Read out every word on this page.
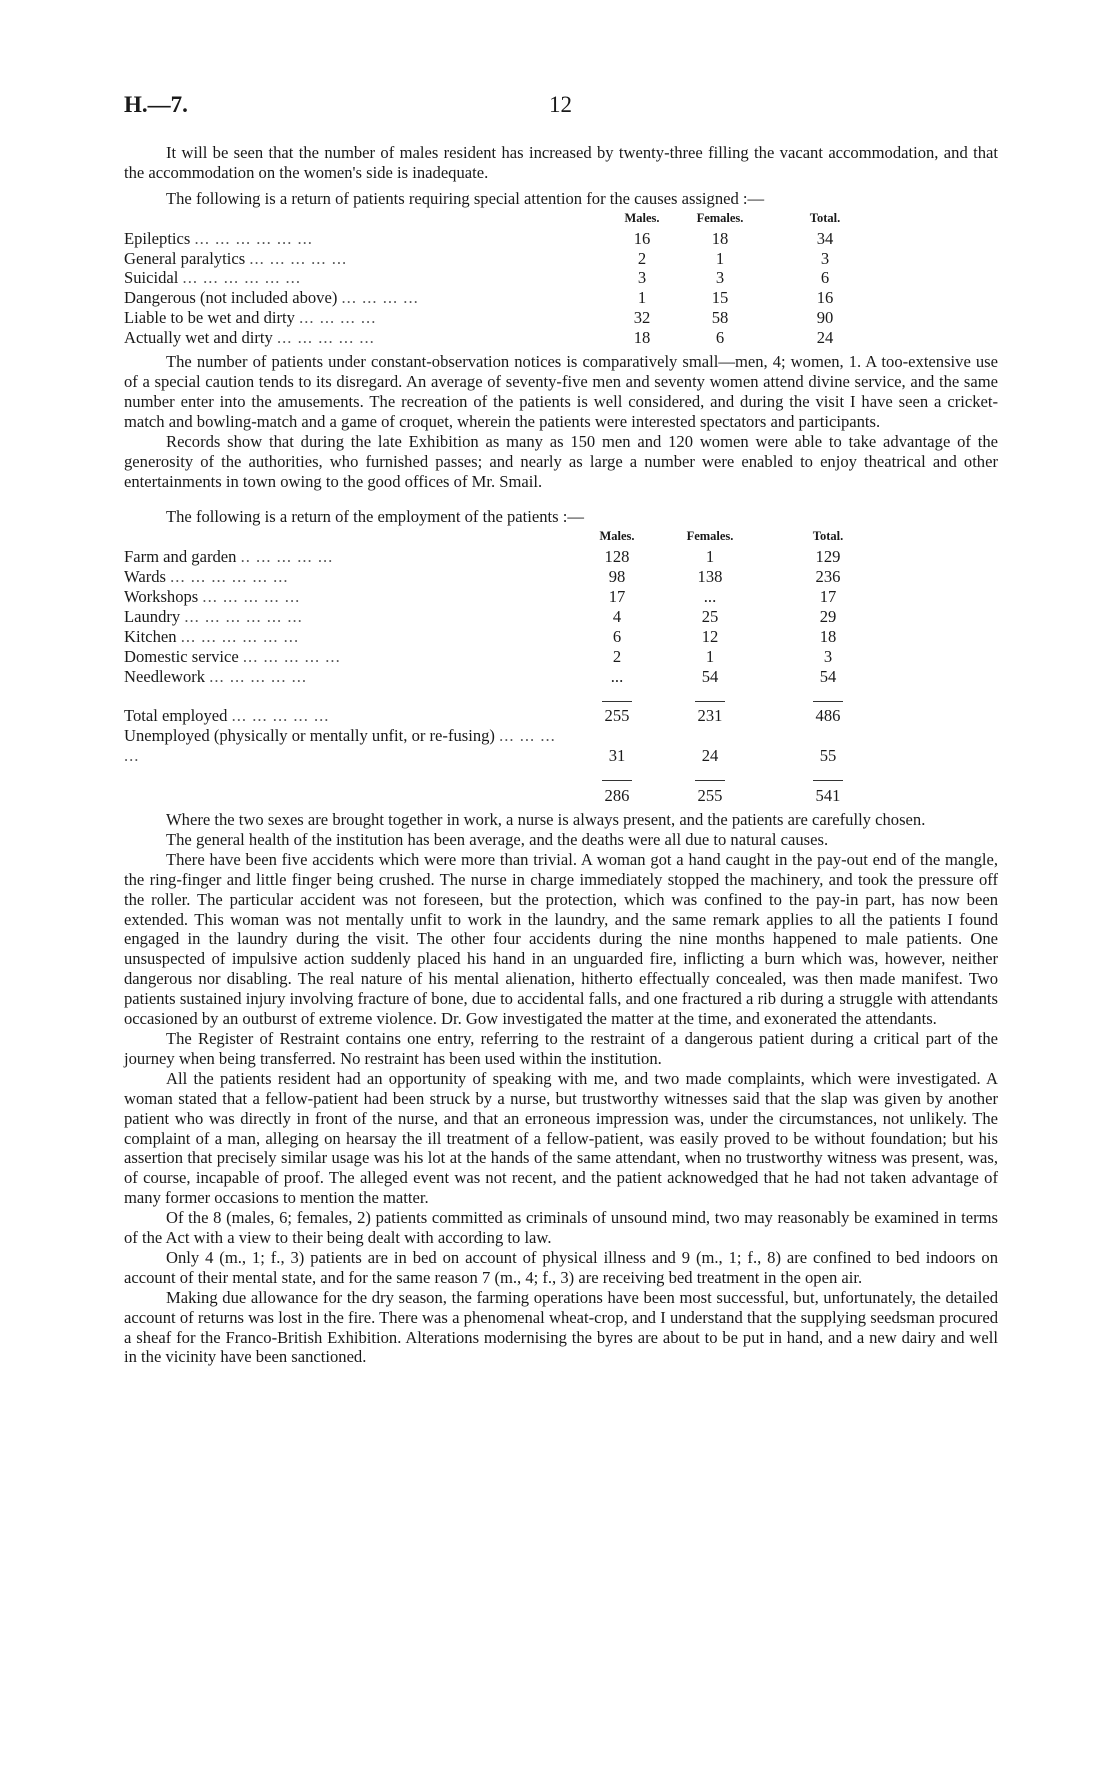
H.—7.	12

It will be seen that the number of males resident has increased by twenty-three filling the vacant accommodation, and that the accommodation on the women's side is inadequate.

The following is a return of patients requiring special attention for the causes assigned :—

	Males.	Females.	Total.
Epileptics ... ... ... ... ... ...	16	18	34
General paralytics ... ... ... ... ...	2	1	3
Suicidal ... ... ... ... ... ...	3	3	6
Dangerous (not included above) ... ... ... ...	1	15	16
Liable to be wet and dirty ... ... ... ...	32	58	90
Actually wet and dirty ... ... ... ... ...	18	6	24

The number of patients under constant-observation notices is comparatively small—men, 4; women, 1. A too-extensive use of a special caution tends to its disregard. An average of seventy-five men and seventy women attend divine service, and the same number enter into the amusements. The recreation of the patients is well considered, and during the visit I have seen a cricket-match and bowling-match and a game of croquet, wherein the patients were interested spectators and participants.

Records show that during the late Exhibition as many as 150 men and 120 women were able to take advantage of the generosity of the authorities, who furnished passes; and nearly as large a number were enabled to enjoy theatrical and other entertainments in town owing to the good offices of Mr. Smail.

The following is a return of the employment of the patients :—

	Males.	Females.	Total.
Farm and garden .. ... ... ... ...	128	1	129
Wards ... ... ... ... ... ...	98	138	236
Workshops ... ... ... ... ...	17	...	17
Laundry ... ... ... ... ... ...	4	25	29
Kitchen ... ... ... ... ... ...	6	12	18
Domestic service ... ... ... ... ...	2	1	3
Needlework ... ... ... ... ...	...	54	54

Total employed ... ... ... ... ...	255	231	486
Unemployed (physically or mentally unfit, or re-fusing) ... ... ... ...	31	24	55

	286	255	541

Where the two sexes are brought together in work, a nurse is always present, and the patients are carefully chosen.

The general health of the institution has been average, and the deaths were all due to natural causes.

There have been five accidents which were more than trivial. A woman got a hand caught in the pay-out end of the mangle, the ring-finger and little finger being crushed. The nurse in charge immediately stopped the machinery, and took the pressure off the roller. The particular accident was not foreseen, but the protection, which was confined to the pay-in part, has now been extended. This woman was not mentally unfit to work in the laundry, and the same remark applies to all the patients I found engaged in the laundry during the visit. The other four accidents during the nine months happened to male patients. One unsuspected of impulsive action suddenly placed his hand in an unguarded fire, inflicting a burn which was, however, neither dangerous nor disabling. The real nature of his mental alienation, hitherto effectually concealed, was then made manifest. Two patients sustained injury involving fracture of bone, due to accidental falls, and one fractured a rib during a struggle with attendants occasioned by an outburst of extreme violence. Dr. Gow investigated the matter at the time, and exonerated the attendants.

The Register of Restraint contains one entry, referring to the restraint of a dangerous patient during a critical part of the journey when being transferred. No restraint has been used within the institution.

All the patients resident had an opportunity of speaking with me, and two made complaints, which were investigated. A woman stated that a fellow-patient had been struck by a nurse, but trustworthy witnesses said that the slap was given by another patient who was directly in front of the nurse, and that an erroneous impression was, under the circumstances, not unlikely. The complaint of a man, alleging on hearsay the ill treatment of a fellow-patient, was easily proved to be without foundation; but his assertion that precisely similar usage was his lot at the hands of the same attendant, when no trustworthy witness was present, was, of course, incapable of proof. The alleged event was not recent, and the patient acknowedged that he had not taken advantage of many former occasions to mention the matter.

Of the 8 (males, 6; females, 2) patients committed as criminals of unsound mind, two may reasonably be examined in terms of the Act with a view to their being dealt with according to law.

Only 4 (m., 1; f., 3) patients are in bed on account of physical illness and 9 (m., 1; f., 8) are confined to bed indoors on account of their mental state, and for the same reason 7 (m., 4; f., 3) are receiving bed treatment in the open air.

Making due allowance for the dry season, the farming operations have been most successful, but, unfortunately, the detailed account of returns was lost in the fire. There was a phenomenal wheat-crop, and I understand that the supplying seedsman procured a sheaf for the Franco-British Exhibition. Alterations modernising the byres are about to be put in hand, and a new dairy and well in the vicinity have been sanctioned.
